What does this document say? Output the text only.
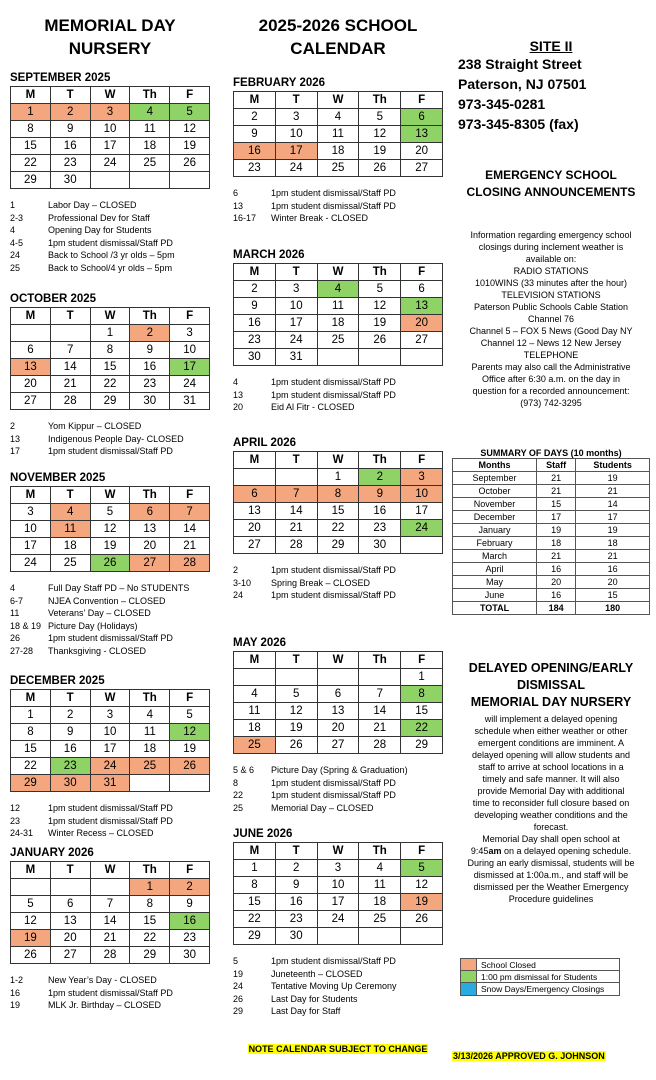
MEMORIAL DAY
NURSERY
SEPTEMBER 2025
M	T	W	Th	F
1	2	3	4	5
8	9	10	11	12
15	16	17	18	19
22	23	24	25	26
29	30			
1	Labor Day – CLOSED
2-3	Professional Dev for Staff
4	Opening Day for Students
4-5	1pm student dismissal/Staff PD
24	Back to School /3 yr olds – 5pm
25	Back to School/4 yr olds – 5pm
OCTOBER 2025
M	T	W	Th	F
		1	2	3
6	7	8	9	10
13	14	15	16	17
20	21	22	23	24
27	28	29	30	31
2	Yom Kippur – CLOSED
13	Indigenous People Day- CLOSED
17	1pm student dismissal/Staff PD
NOVEMBER 2025
M	T	W	Th	F
3	4	5	6	7
10	11	12	13	14
17	18	19	20	21
24	25	26	27	28
4	Full Day Staff PD – No STUDENTS
6-7	NJEA Convention – CLOSED
11	Veterans’ Day – CLOSED
18 & 19 Picture Day (Holidays)
26	1pm student dismissal/Staff PD
27-28	Thanksgiving - CLOSED
DECEMBER 2025
M	T	W	Th	F
1	2	3	4	5
8	9	10	11	12
15	16	17	18	19
22	23	24	25	26
29	30	31		
12	1pm student dismissal/Staff PD
23	1pm student dismissal/Staff PD
24-31	Winter Recess – CLOSED
JANUARY 2026
M	T	W	Th	F
			1	2
5	6	7	8	9
12	13	14	15	16
19	20	21	22	23
26	27	28	29	30
1-2	New Year’s Day - CLOSED
16	1pm student dismissal/Staff PD
19	MLK Jr. Birthday – CLOSED
2025-2026 SCHOOL
CALENDAR
FEBRUARY 2026
M	T	W	Th	F
2	3	4	5	6
9	10	11	12	13
16	17	18	19	20
23	24	25	26	27
6	1pm student dismissal/Staff PD
13	1pm student dismissal/Staff PD
16-17	Winter Break - CLOSED
MARCH 2026
M	T	W	Th	F
2	3	4	5	6
9	10	11	12	13
16	17	18	19	20
23	24	25	26	27
30	31			
4	1pm student dismissal/Staff PD
13	1pm student dismissal/Staff PD
20	Eid Al Fitr - CLOSED
APRIL 2026
M	T	W	Th	F
		1	2	3
6	7	8	9	10
13	14	15	16	17
20	21	22	23	24
27	28	29	30	
2	1pm student dismissal/Staff PD
3-10	Spring Break – CLOSED
24	1pm student dismissal/Staff PD
MAY 2026
M	T	W	Th	F
				1
4	5	6	7	8
11	12	13	14	15
18	19	20	21	22
25	26	27	28	29
5 & 6	Picture Day (Spring & Graduation)
8	1pm student dismissal/Staff PD
22	1pm student dismissal/Staff PD
25	Memorial Day – CLOSED
JUNE 2026
M	T	W	Th	F
1	2	3	4	5
8	9	10	11	12
15	16	17	18	19
22	23	24	25	26
29	30			
5	1pm student dismissal/Staff PD
19	Juneteenth – CLOSED
24	Tentative Moving Up Ceremony
26	Last Day for Students
29	Last Day for Staff
NOTE CALENDAR SUBJECT TO CHANGE
SITE II
238 Straight Street
Paterson, NJ 07501
973-345-0281
973-345-8305 (fax)
EMERGENCY SCHOOL
CLOSING ANNOUNCEMENTS
Information regarding emergency school
closings during inclement weather is
available on:
RADIO STATIONS
1010WINS (33 minutes after the hour)
TELEVISION STATIONS
Paterson Public Schools Cable Station
Channel 76
Channel 5 – FOX 5 News (Good Day NY
Channel 12 – News 12 New Jersey
TELEPHONE
Parents may also call the Administrative
Office after 6:30 a.m. on the day in
question for a recorded announcement:
(973) 742-3295
SUMMARY OF DAYS (10 months)
Months	Staff	Students
September	21	19
October	21	21
November	15	14
December	17	17
January	19	19
February	18	18
March	21	21
April	16	16
May	20	20
June	16	15
TOTAL	184	180
DELAYED OPENING/EARLY
DISMISSAL
MEMORIAL DAY NURSERY
will implement a delayed opening
schedule when either weather or other
emergent conditions are imminent. A
delayed opening will allow students and
staff to arrive at school locations in a
timely and safe manner. It will also
provide Memorial Day with additional
time to reconsider full closure based on
developing weather conditions and the
forecast.
Memorial Day shall open school at
9:45am on a delayed opening schedule.
During an early dismissal, students will be
dismissed at 1:00a.m., and staff will be
dismissed per the Weather Emergency
Procedure guidelines
School Closed
1:00 pm dismissal for Students
Snow Days/Emergency Closings
3/13/2026 APPROVED G. JOHNSON
